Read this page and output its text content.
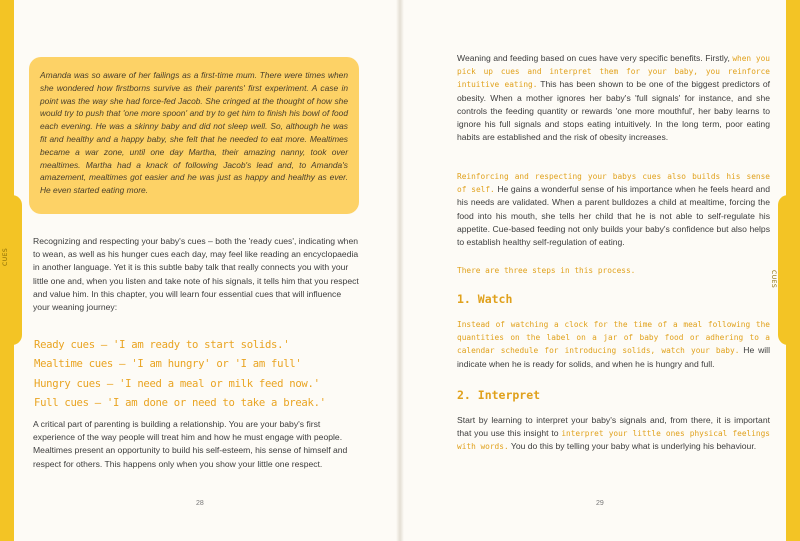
CUES
CUES

Amanda was so aware of her failings as a first-time mum. There were times when she wondered how firstborns survive as their parents' first experiment. A case in point was the way she had force-fed Jacob. She cringed at the thought of how she would try to push that 'one more spoon' and try to get him to finish his bowl of food each evening. He was a skinny baby and did not sleep well. So, although he was fit and healthy and a happy baby, she felt that he needed to eat more. Mealtimes became a war zone, until one day Martha, their amazing nanny, took over mealtimes. Martha had a knack of following Jacob's lead and, to Amanda's amazement, mealtimes got easier and he was just as happy and healthy as ever. He even started eating more.

Recognizing and respecting your baby's cues – both the 'ready cues', indicating when to wean, as well as his hunger cues each day, may feel like reading an encyclopaedia in another language. Yet it is this subtle baby talk that really connects you with your little one and, when you listen and take note of his signals, it tells him that you respect and value him. In this chapter, you will learn four essential cues that will influence your weaning journey:

Ready cues – 'I am ready to start solids.'
Mealtime cues – 'I am hungry' or 'I am full'
Hungry cues – 'I need a meal or milk feed now.'
Full cues – 'I am done or need to take a break.'

A critical part of parenting is building a relationship. You are your baby's first experience of the way people will treat him and how he must engage with people. Mealtimes present an opportunity to build his self-esteem, his sense of himself and respect for others. This happens only when you show your little one respect.

28

Weaning and feeding based on cues have very specific benefits. Firstly, when you pick up cues and interpret them for your baby, you reinforce intuitive eating. This has been shown to be one of the biggest predictors of obesity. When a mother ignores her baby's 'full signals' for instance, and she controls the feeding quantity or rewards 'one more mouthful', her baby learns to ignore his full signals and stops eating intuitively. In the long term, poor eating habits are established and the risk of obesity increases.

Reinforcing and respecting your babys cues also builds his sense of self. He gains a wonderful sense of his importance when he feels heard and his needs are validated. When a parent bulldozes a child at mealtime, forcing the food into his mouth, she tells her child that he is not able to self-regulate his appetite. Cue-based feeding not only builds your baby's confidence but also helps to establish healthy self-regulation of eating.

There are three steps in this process.

1. Watch

Instead of watching a clock for the time of a meal following the quantities on the label on a jar of baby food or adhering to a calendar schedule for introducing solids, watch your baby. He will indicate when he is ready for solids, and when he is hungry and full.

2. Interpret

Start by learning to interpret your baby's signals and, from there, it is important that you use this insight to interpret your little ones physical feelings with words. You do this by telling your baby what is underlying his behaviour.

29
